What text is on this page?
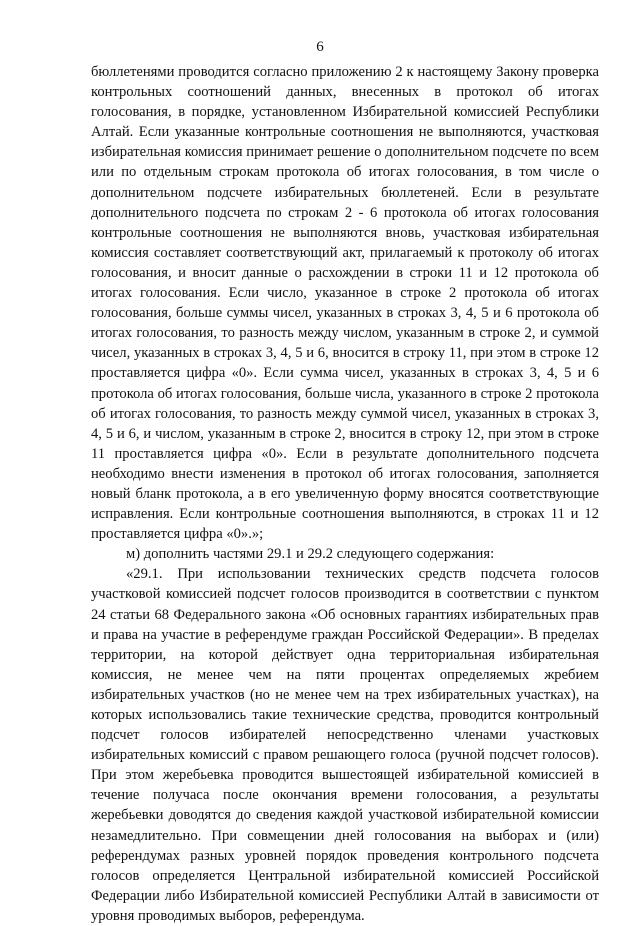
6

бюллетенями проводится согласно приложению 2 к настоящему Закону проверка контрольных соотношений данных, внесенных в протокол об итогах голосования, в порядке, установленном Избирательной комиссией Республики Алтай. Если указанные контрольные соотношения не выполняются, участковая избирательная комиссия принимает решение о дополнительном подсчете по всем или по отдельным строкам протокола об итогах голосования, в том числе о дополнительном подсчете избирательных бюллетеней. Если в результате дополнительного подсчета по строкам 2 - 6 протокола об итогах голосования контрольные соотношения не выполняются вновь, участковая избирательная комиссия составляет соответствующий акт, прилагаемый к протоколу об итогах голосования, и вносит данные о расхождении в строки 11 и 12 протокола об итогах голосования. Если число, указанное в строке 2 протокола об итогах голосования, больше суммы чисел, указанных в строках 3, 4, 5 и 6 протокола об итогах голосования, то разность между числом, указанным в строке 2, и суммой чисел, указанных в строках 3, 4, 5 и 6, вносится в строку 11, при этом в строке 12 проставляется цифра «0». Если сумма чисел, указанных в строках 3, 4, 5 и 6 протокола об итогах голосования, больше числа, указанного в строке 2 протокола об итогах голосования, то разность между суммой чисел, указанных в строках 3, 4, 5 и 6, и числом, указанным в строке 2, вносится в строку 12, при этом в строке 11 проставляется цифра «0». Если в результате дополнительного подсчета необходимо внести изменения в протокол об итогах голосования, заполняется новый бланк протокола, а в его увеличенную форму вносятся соответствующие исправления. Если контрольные соотношения выполняются, в строках 11 и 12 проставляется цифра «0».»;

м) дополнить частями 29.1 и 29.2 следующего содержания:

«29.1. При использовании технических средств подсчета голосов участковой комиссией подсчет голосов производится в соответствии с пунктом 24 статьи 68 Федерального закона «Об основных гарантиях избирательных прав и права на участие в референдуме граждан Российской Федерации». В пределах территории, на которой действует одна территориальная избирательная комиссия, не менее чем на пяти процентах определяемых жребием избирательных участков (но не менее чем на трех избирательных участках), на которых использовались такие технические средства, проводится контрольный подсчет голосов избирателей непосредственно членами участковых избирательных комиссий с правом решающего голоса (ручной подсчет голосов). При этом жеребьевка проводится вышестоящей избирательной комиссией в течение получаса после окончания времени голосования, а результаты жеребьевки доводятся до сведения каждой участковой избирательной комиссии незамедлительно. При совмещении дней голосования на выборах и (или) референдумах разных уровней порядок проведения контрольного подсчета голосов определяется Центральной избирательной комиссией Российской Федерации либо Избирательной комиссией Республики Алтай в зависимости от уровня проводимых выборов, референдума.
